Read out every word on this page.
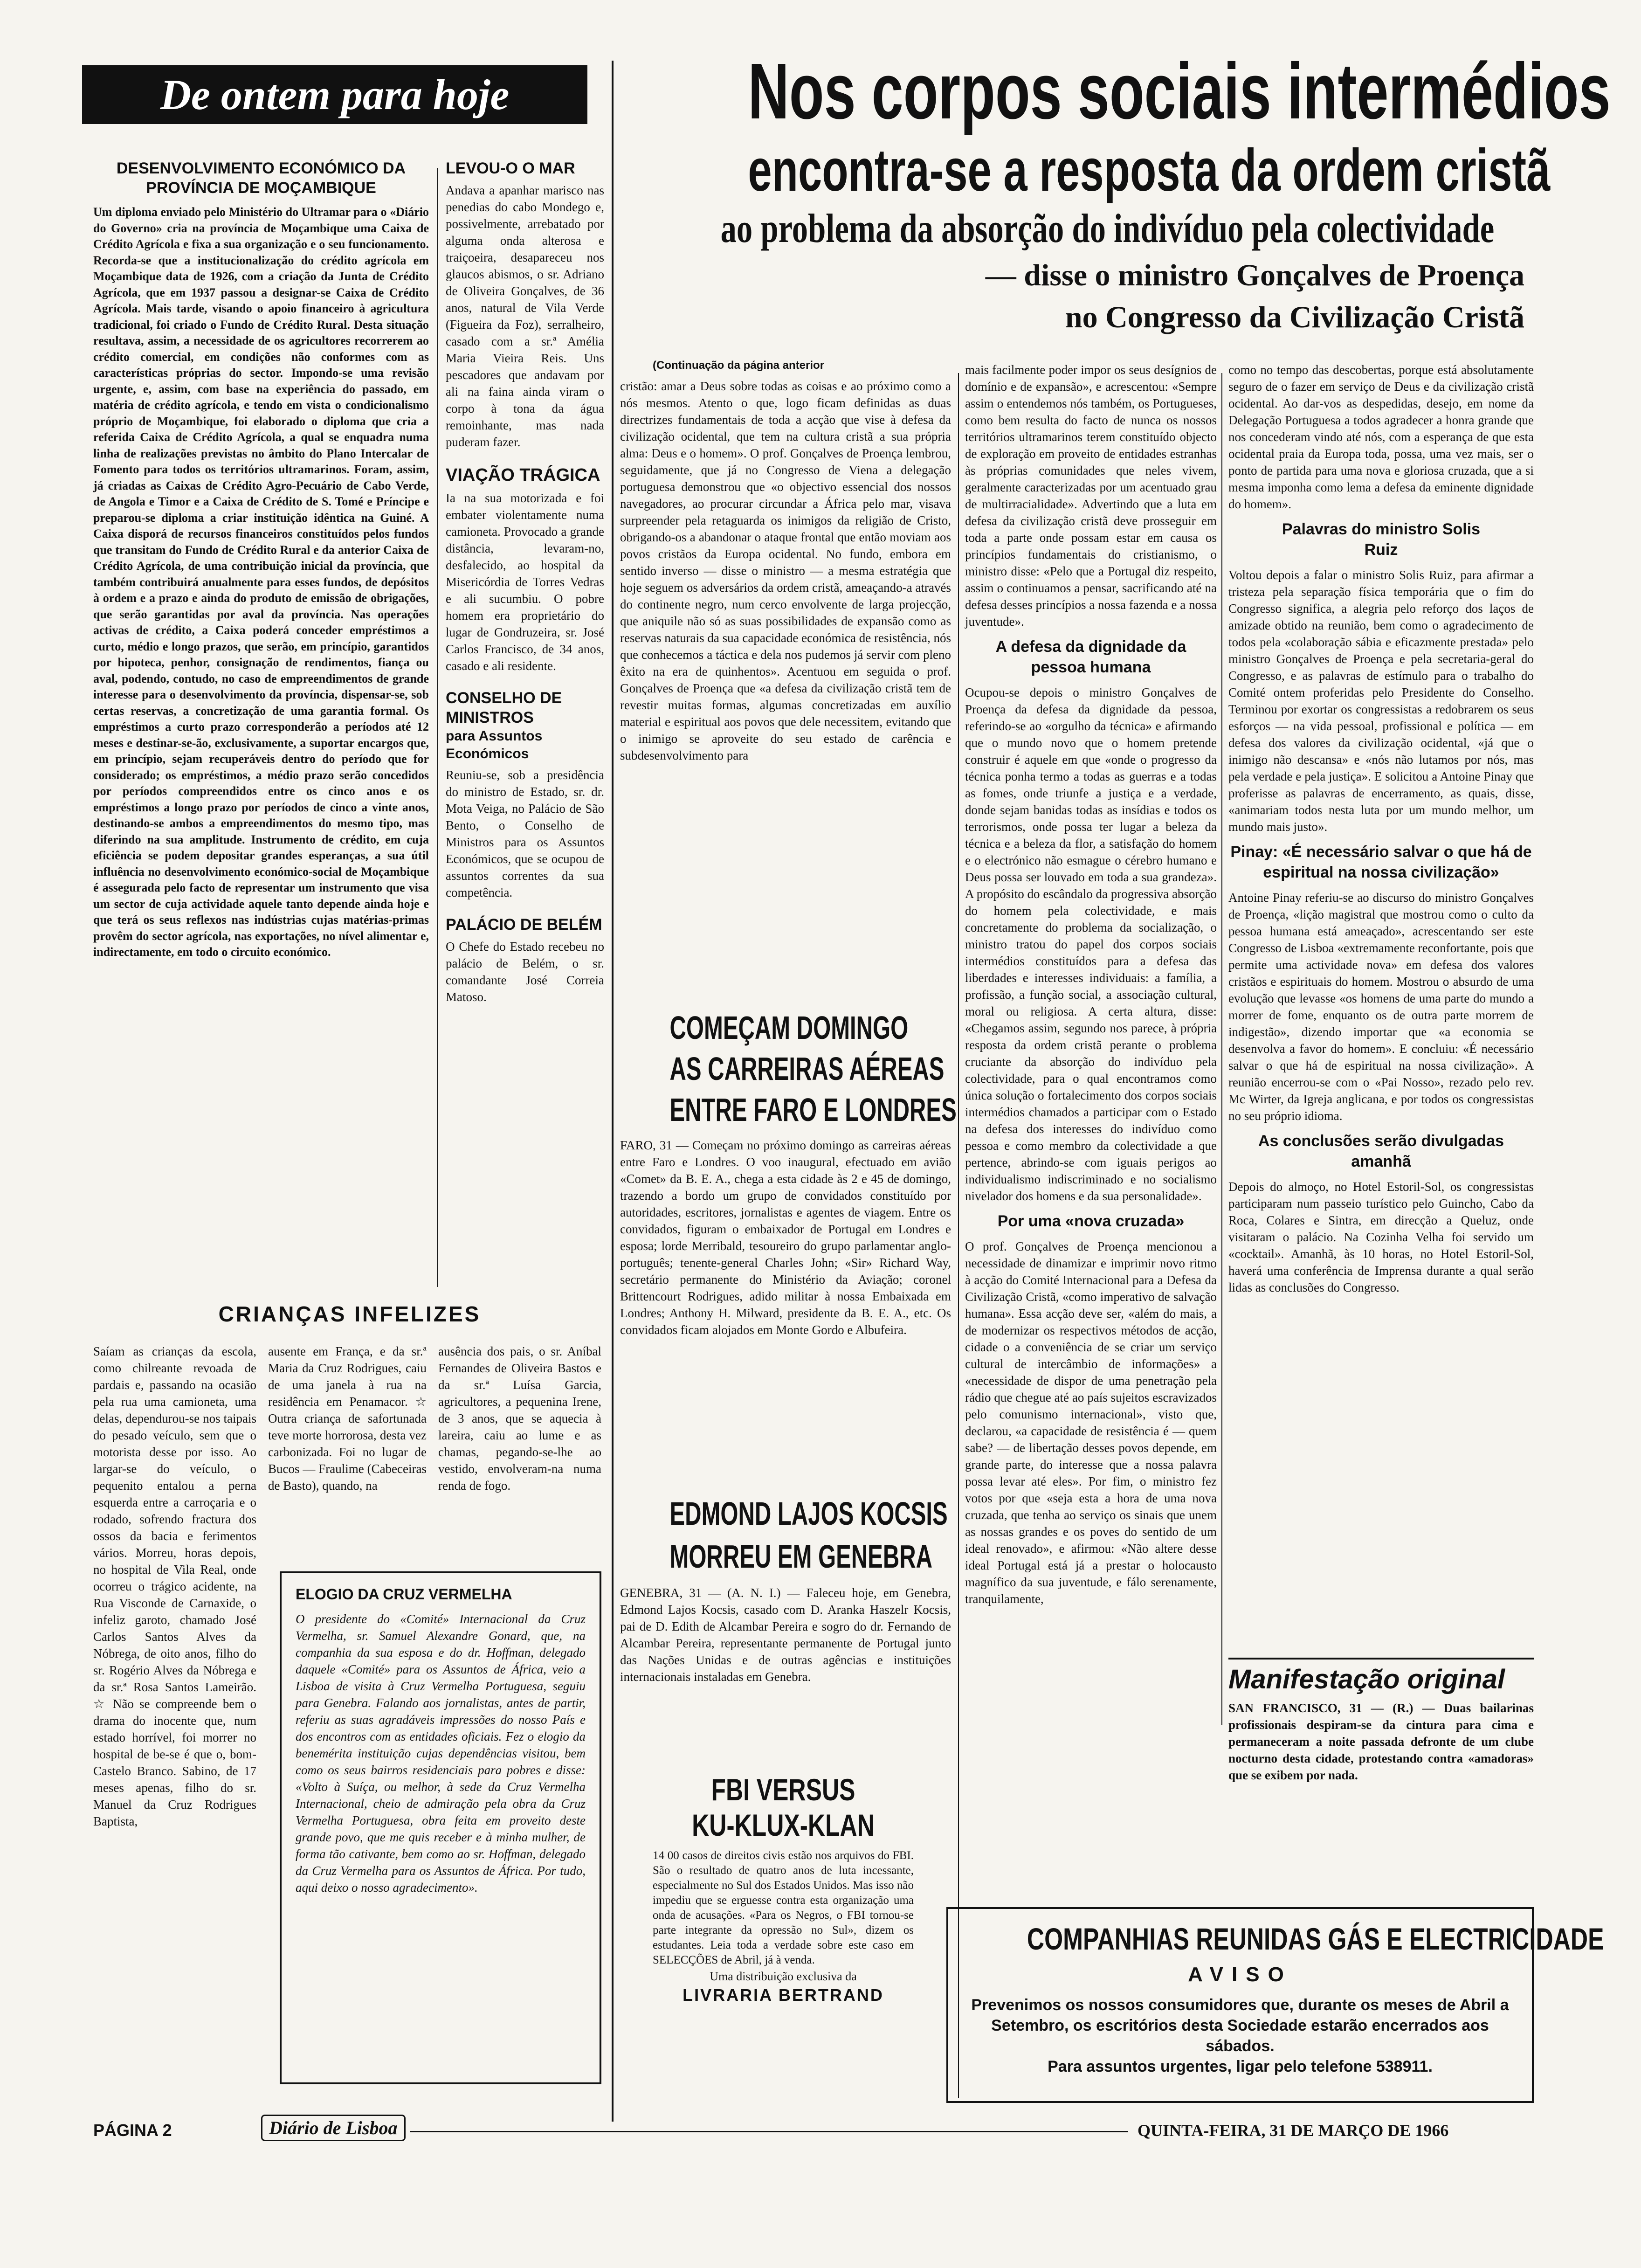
De ontem para hoje	Nos corpos sociais intermédios
encontra-se a resposta da ordem cristã
ao problema da absorção do indivíduo pela colectividade
— disse o ministro Gonçalves de Proença
no Congresso da Civilização Cristã
DESENVOLVIMENTO ECONÓMICO DA PROVÍNCIA DE MOÇAMBIQUE

Um diploma enviado pelo Ministério do Ultramar para o «Diário do Governo» cria na província de Moçambique uma Caixa de Crédito Agrícola e fixa a sua organização e o seu funcionamento. Recorda-se que a institucionalização do crédito agrícola em Moçambique data de 1926, com a criação da Junta de Crédito Agrícola, que em 1937 passou a designar-se Caixa de Crédito Agrícola. Mais tarde, visando o apoio financeiro à agricultura tradicional, foi criado o Fundo de Crédito Rural. Desta situação resultava, assim, a necessidade de os agricultores recorrerem ao crédito comercial, em condições não conformes com as características próprias do sector. Impondo-se uma revisão urgente, e, assim, com base na experiência do passado, em matéria de crédito agrícola, e tendo em vista o condicionalismo próprio de Moçambique, foi elaborado o diploma que cria a referida Caixa de Crédito Agrícola, a qual se enquadra numa linha de realizações previstas no âmbito do Plano Intercalar de Fomento para todos os territórios ultramarinos. Foram, assim, já criadas as Caixas de Crédito Agro-Pecuário de Cabo Verde, de Angola e Timor e a Caixa de Crédito de S. Tomé e Príncipe e preparou-se diploma a criar instituição idêntica na Guiné. A Caixa disporá de recursos financeiros constituídos pelos fundos que transitam do Fundo de Crédito Rural e da anterior Caixa de Crédito Agrícola, de uma contribuição inicial da província, que também contribuirá anualmente para esses fundos, de depósitos à ordem e a prazo e ainda do produto de emissão de obrigações, que serão garantidas por aval da província. Nas operações activas de crédito, a Caixa poderá conceder empréstimos a curto, médio e longo prazos, que serão, em princípio, garantidos por hipoteca, penhor, consignação de rendimentos, fiança ou aval, podendo, contudo, no caso de empreendimentos de grande interesse para o desenvolvimento da província, dispensar-se, sob certas reservas, a concretização de uma garantia formal. Os empréstimos a curto prazo corresponderão a períodos até 12 meses e destinar-se-ão, exclusivamente, a suportar encargos que, em princípio, sejam recuperáveis dentro do período que for considerado; os empréstimos, a médio prazo serão concedidos por períodos compreendidos entre os cinco anos e os empréstimos a longo prazo por períodos de cinco a vinte anos, destinando-se ambos a empreendimentos do mesmo tipo, mas diferindo na sua amplitude. Instrumento de crédito, em cuja eficiência se podem depositar grandes esperanças, a sua útil influência no desenvolvimento económico-social de Moçambique é assegurada pelo facto de representar um instrumento que visa um sector de cuja actividade aquele tanto depende ainda hoje e que terá os seus reflexos nas indústrias cujas matérias-primas provêm do sector agrícola, nas exportações, no nível alimentar e, indirectamente, em todo o circuito económico.

LEVOU-O O MAR

Andava a apanhar marisco nas penedias do cabo Mondego e, possivelmente, arrebatado por alguma onda alterosa e traiçoeira, desapareceu nos glaucos abismos, o sr. Adriano de Oliveira Gonçalves, de 36 anos, natural de Vila Verde (Figueira da Foz), serralheiro, casado com a sr.ª Amélia Maria Vieira Reis. Uns pescadores que andavam por ali na faina ainda viram o corpo à tona da água remoinhante, mas nada puderam fazer.

VIAÇÃO TRÁGICA

Ia na sua motorizada e foi embater violentamente numa camioneta. Provocado a grande distância, levaram-no, desfalecido, ao hospital da Misericórdia de Torres Vedras e ali sucumbiu. O pobre homem era proprietário do lugar de Gondruzeira, sr. José Carlos Francisco, de 34 anos, casado e ali residente.

CONSELHO DE MINISTROS
para Assuntos Económicos

Reuniu-se, sob a presidência do ministro de Estado, sr. dr. Mota Veiga, no Palácio de São Bento, o Conselho de Ministros para os Assuntos Económicos, que se ocupou de assuntos correntes da sua competência.

PALÁCIO DE BELÉM

O Chefe do Estado recebeu no palácio de Belém, o sr. comandante José Correia Matoso.

CRIANÇAS INFELIZES

Saíam as crianças da escola, como chilreante revoada de pardais e, passando na ocasião pela rua uma camioneta, uma delas, dependurou-se nos taipais do pesado veículo, sem que o motorista desse por isso. Ao largar-se do veículo, o pequenito entalou a perna esquerda entre a carroçaria e o rodado, sofrendo fractura dos ossos da bacia e ferimentos vários. Morreu, horas depois, no hospital de Vila Real, onde ocorreu o trágico acidente, na Rua Visconde de Carnaxide, o infeliz garoto, chamado José Carlos Santos Alves da Nóbrega, de oito anos, filho do sr. Rogério Alves da Nóbrega e da sr.ª Rosa Santos Lameirão. ☆ Não se compreende bem o drama do inocente que, num estado horrível, foi morrer no hospital de be-se é que o, bom-Castelo Branco. Sabino, de 17 meses apenas, filho do sr. Manuel da Cruz Rodrigues Baptista,

ausente em França, e da sr.ª Maria da Cruz Rodrigues, caiu de uma janela à rua na residência em Penamacor. ☆ Outra criança de safortunada teve morte horrorosa, desta vez carbonizada. Foi no lugar de Bucos — Fraulime (Cabeceiras de Basto), quando, na

ausência dos pais, o sr. Aníbal Fernandes de Oliveira Bastos e da sr.ª Luísa Garcia, agricultores, a pequenina Irene, de 3 anos, que se aquecia à lareira, caiu ao lume e as chamas, pegando-se-lhe ao vestido, envolveram-na numa renda de fogo.

ELOGIO DA CRUZ VERMELHA

O presidente do «Comité» Internacional da Cruz Vermelha, sr. Samuel Alexandre Gonard, que, na companhia da sua esposa e do dr. Hoffman, delegado daquele «Comité» para os Assuntos de África, veio a Lisboa de visita à Cruz Vermelha Portuguesa, seguiu para Genebra. Falando aos jornalistas, antes de partir, referiu as suas agradáveis impressões do nosso País e dos encontros com as entidades oficiais. Fez o elogio da benemérita instituição cujas dependências visitou, bem como os seus bairros residenciais para pobres e disse: «Volto à Suíça, ou melhor, à sede da Cruz Vermelha Internacional, cheio de admiração pela obra da Cruz Vermelha Portuguesa, obra feita em proveito deste grande povo, que me quis receber e à minha mulher, de forma tão cativante, bem como ao sr. Hoffman, delegado da Cruz Vermelha para os Assuntos de África. Por tudo, aqui deixo o nosso agradecimento».

(Continuação da página anterior

cristão: amar a Deus sobre todas as coisas e ao próximo como a nós mesmos. Atento o que, logo ficam definidas as duas directrizes fundamentais de toda a acção que vise à defesa da civilização ocidental, que tem na cultura cristã a sua própria alma: Deus e o homem». O prof. Gonçalves de Proença lembrou, seguidamente, que já no Congresso de Viena a delegação portuguesa demonstrou que «o objectivo essencial dos nossos navegadores, ao procurar circundar a África pelo mar, visava surpreender pela retaguarda os inimigos da religião de Cristo, obrigando-os a abandonar o ataque frontal que então moviam aos povos cristãos da Europa ocidental. No fundo, embora em sentido inverso — disse o ministro — a mesma estratégia que hoje seguem os adversários da ordem cristã, ameaçando-a através do continente negro, num cerco envolvente de larga projecção, que aniquile não só as suas possibilidades de expansão como as reservas naturais da sua capacidade económica de resistência, nós que conhecemos a táctica e dela nos pudemos já servir com pleno êxito na era de quinhentos». Acentuou em seguida o prof. Gonçalves de Proença que «a defesa da civilização cristã tem de revestir muitas formas, algumas concretizadas em auxílio material e espiritual aos povos que dele necessitem, evitando que o inimigo se aproveite do seu estado de carência e subdesenvolvimento para

mais facilmente poder impor os seus desígnios de domínio e de expansão», e acrescentou: «Sempre assim o entendemos nós também, os Portugueses, como bem resulta do facto de nunca os nossos territórios ultramarinos terem constituído objecto de exploração em proveito de entidades estranhas às próprias comunidades que neles vivem, geralmente caracterizadas por um acentuado grau de multirracialidade». Advertindo que a luta em defesa da civilização cristã deve prosseguir em toda a parte onde possam estar em causa os princípios fundamentais do cristianismo, o ministro disse: «Pelo que a Portugal diz respeito, assim o continuamos a pensar, sacrificando até na defesa desses princípios a nossa fazenda e a nossa juventude».

A defesa da dignidade da pessoa humana

Ocupou-se depois o ministro Gonçalves de Proença da defesa da dignidade da pessoa, referindo-se ao «orgulho da técnica» e afirmando que o mundo novo que o homem pretende construir é aquele em que «onde o progresso da técnica ponha termo a todas as guerras e a todas as fomes, onde triunfe a justiça e a verdade, donde sejam banidas todas as insídias e todos os terrorismos, onde possa ter lugar a beleza da técnica e a beleza da flor, a satisfação do homem e o electrónico não esmague o cérebro humano e Deus possa ser louvado em toda a sua grandeza». A propósito do escândalo da progressiva absorção do homem pela colectividade, e mais concretamente do problema da socialização, o ministro tratou do papel dos corpos sociais intermédios constituídos para a defesa das liberdades e interesses individuais: a família, a profissão, a função social, a associação cultural, moral ou religiosa. A certa altura, disse: «Chegamos assim, segundo nos parece, à própria resposta da ordem cristã perante o problema cruciante da absorção do indivíduo pela colectividade, para o qual encontramos como única solução o fortalecimento dos corpos sociais intermédios chamados a participar com o Estado na defesa dos interesses do indivíduo como pessoa e como membro da colectividade a que pertence, abrindo-se com iguais perigos ao individualismo indiscriminado e no socialismo nivelador dos homens e da sua personalidade».

Por uma «nova cruzada»

O prof. Gonçalves de Proença mencionou a necessidade de dinamizar e imprimir novo ritmo à acção do Comité Internacional para a Defesa da Civilização Cristã, «como imperativo de salvação humana». Essa acção deve ser, «além do mais, a de modernizar os respectivos métodos de acção, cidade o a conveniência de se criar um serviço cultural de intercâmbio de informações» a «necessidade de dispor de uma penetração pela rádio que chegue até ao país sujeitos escravizados pelo comunismo internacional», visto que, declarou, «a capacidade de resistência é — quem sabe? — de libertação desses povos depende, em grande parte, do interesse que a nossa palavra possa levar até eles». Por fim, o ministro fez votos por que «seja esta a hora de uma nova cruzada, que tenha ao serviço os sinais que unem as nossas grandes e os poves do sentido de um ideal renovado», e afirmou: «Não altere desse ideal Portugal está já a prestar o holocausto magnífico da sua juventude, e fálo serenamente, tranquilamente,

COMEÇAM DOMINGO
AS CARREIRAS AÉREAS
ENTRE FARO E LONDRES

FARO, 31 — Começam no próximo domingo as carreiras aéreas entre Faro e Londres. O voo inaugural, efectuado em avião «Comet» da B. E. A., chega a esta cidade às 2 e 45 de domingo, trazendo a bordo um grupo de convidados constituído por autoridades, escritores, jornalistas e agentes de viagem. Entre os convidados, figuram o embaixador de Portugal em Londres e esposa; lorde Merribald, tesoureiro do grupo parlamentar anglo-português; tenente-general Charles John; «Sir» Richard Way, secretário permanente do Ministério da Aviação; coronel Brittencourt Rodrigues, adido militar à nossa Embaixada em Londres; Anthony H. Milward, presidente da B. E. A., etc. Os convidados ficam alojados em Monte Gordo e Albufeira.

EDMOND LAJOS KOCSIS
MORREU EM GENEBRA

GENEBRA, 31 — (A. N. I.) — Faleceu hoje, em Genebra, Edmond Lajos Kocsis, casado com D. Aranka Haszelr Kocsis, pai de D. Edith de Alcambar Pereira e sogro do dr. Fernando de Alcambar Pereira, representante permanente de Portugal junto das Nações Unidas e de outras agências e instituições internacionais instaladas em Genebra.

FBI VERSUS
KU-KLUX-KLAN

14 00 casos de direitos civis estão nos arquivos do FBI. São o resultado de quatro anos de luta incessante, especialmente no Sul dos Estados Unidos. Mas isso não impediu que se erguesse contra esta organização uma onda de acusações. «Para os Negros, o FBI tornou-se parte integrante da opressão no Sul», dizem os estudantes. Leia toda a verdade sobre este caso em SELECÇÕES de Abril, já à venda.

Uma distribuição exclusiva da
LIVRARIA BERTRAND

como no tempo das descobertas, porque está absolutamente seguro de o fazer em serviço de Deus e da civilização cristã ocidental. Ao dar-vos as despedidas, desejo, em nome da Delegação Portuguesa a todos agradecer a honra grande que nos concederam vindo até nós, com a esperança de que esta ocidental praia da Europa toda, possa, uma vez mais, ser o ponto de partida para uma nova e gloriosa cruzada, que a si mesma imponha como lema a defesa da eminente dignidade do homem».

Palavras do ministro Solis Ruiz

Voltou depois a falar o ministro Solis Ruiz, para afirmar a tristeza pela separação física temporária que o fim do Congresso significa, a alegria pelo reforço dos laços de amizade obtido na reunião, bem como o agradecimento de todos pela «colaboração sábia e eficazmente prestada» pelo ministro Gonçalves de Proença e pela secretaria-geral do Congresso, e as palavras de estímulo para o trabalho do Comité ontem proferidas pelo Presidente do Conselho. Terminou por exortar os congressistas a redobrarem os seus esforços — na vida pessoal, profissional e política — em defesa dos valores da civilização ocidental, «já que o inimigo não descansa» e «nós não lutamos por nós, mas pela verdade e pela justiça». E solicitou a Antoine Pinay que proferisse as palavras de encerramento, as quais, disse, «animariam todos nesta luta por um mundo melhor, um mundo mais justo».

Pinay: «É necessário salvar o que há de espiritual na nossa civilização»

Antoine Pinay referiu-se ao discurso do ministro Gonçalves de Proença, «lição magistral que mostrou como o culto da pessoa humana está ameaçado», acrescentando ser este Congresso de Lisboa «extremamente reconfortante, pois que permite uma actividade nova» em defesa dos valores cristãos e espirituais do homem. Mostrou o absurdo de uma evolução que levasse «os homens de uma parte do mundo a morrer de fome, enquanto os de outra parte morrem de indigestão», dizendo importar que «a economia se desenvolva a favor do homem». E concluiu: «É necessário salvar o que há de espiritual na nossa civilização». A reunião encerrou-se com o «Pai Nosso», rezado pelo rev. Mc Wirter, da Igreja anglicana, e por todos os congressistas no seu próprio idioma.

As conclusões serão divulgadas amanhã

Depois do almoço, no Hotel Estoril-Sol, os congressistas participaram num passeio turístico pelo Guincho, Cabo da Roca, Colares e Sintra, em direcção a Queluz, onde visitaram o palácio. Na Cozinha Velha foi servido um «cocktail». Amanhã, às 10 horas, no Hotel Estoril-Sol, haverá uma conferência de Imprensa durante a qual serão lidas as conclusões do Congresso.

Manifestação original

SAN FRANCISCO, 31 — (R.) — Duas bailarinas profissionais despiram-se da cintura para cima e permaneceram a noite passada defronte de um clube nocturno desta cidade, protestando contra «amadoras» que se exibem por nada.

COMPANHIAS REUNIDAS GÁS E ELECTRICIDADE
AVISO

Prevenimos os nossos consumidores que, durante os meses de Abril a Setembro, os escritórios desta Sociedade estarão encerrados aos sábados.

Para assuntos urgentes, ligar pelo telefone 538911.

PÁGINA 2	Diário de Lisboa	QUINTA-FEIRA, 31 DE MARÇO DE 1966
